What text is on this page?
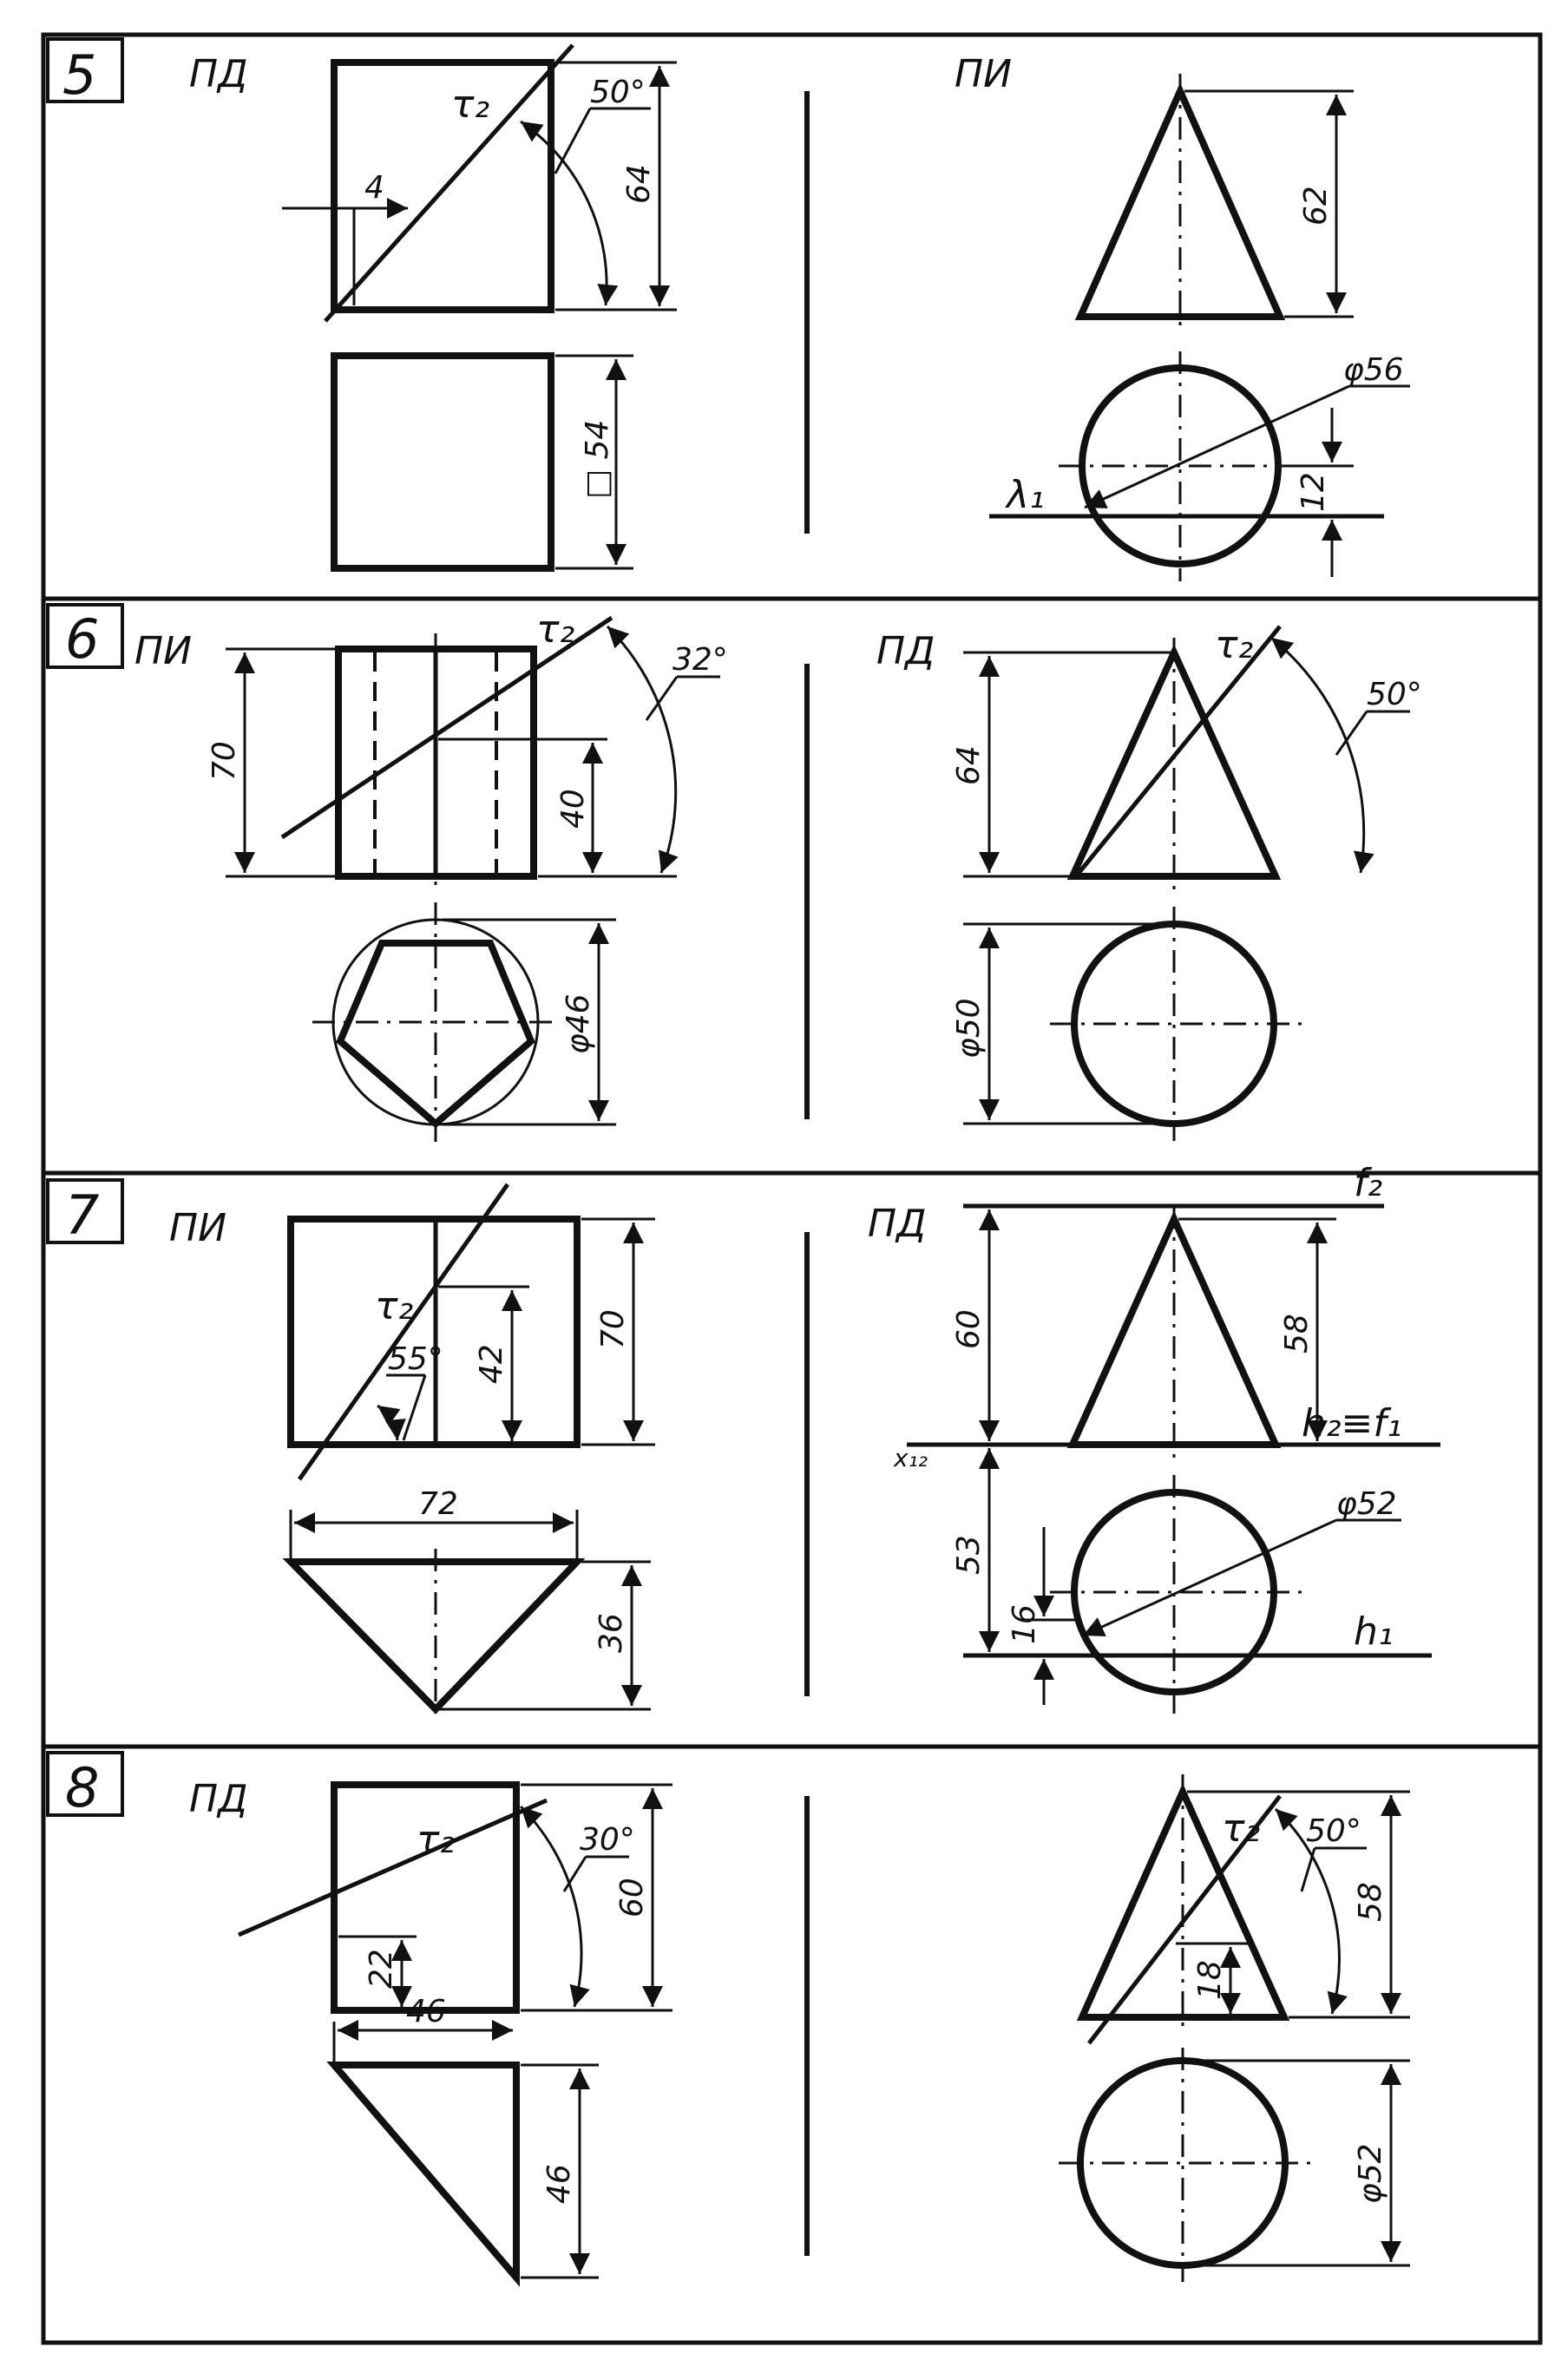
5 ПД
4
τ₂	50°
64
□ 54
ПИ
62
λ₁
φ56
12
6 ПИ	τ₂
70
40
32°
φ46
ПД	τ₂
50°
64
φ50
7 ПИ
τ₂
55° 42
70
72
36
ПД
f₂
x₁₂
h₂≡f₁
60	58
h₁
53
16
φ52
8 ПД
τ₂	30°
60
22
46
46
τ₂ 50°
58
18
φ52
